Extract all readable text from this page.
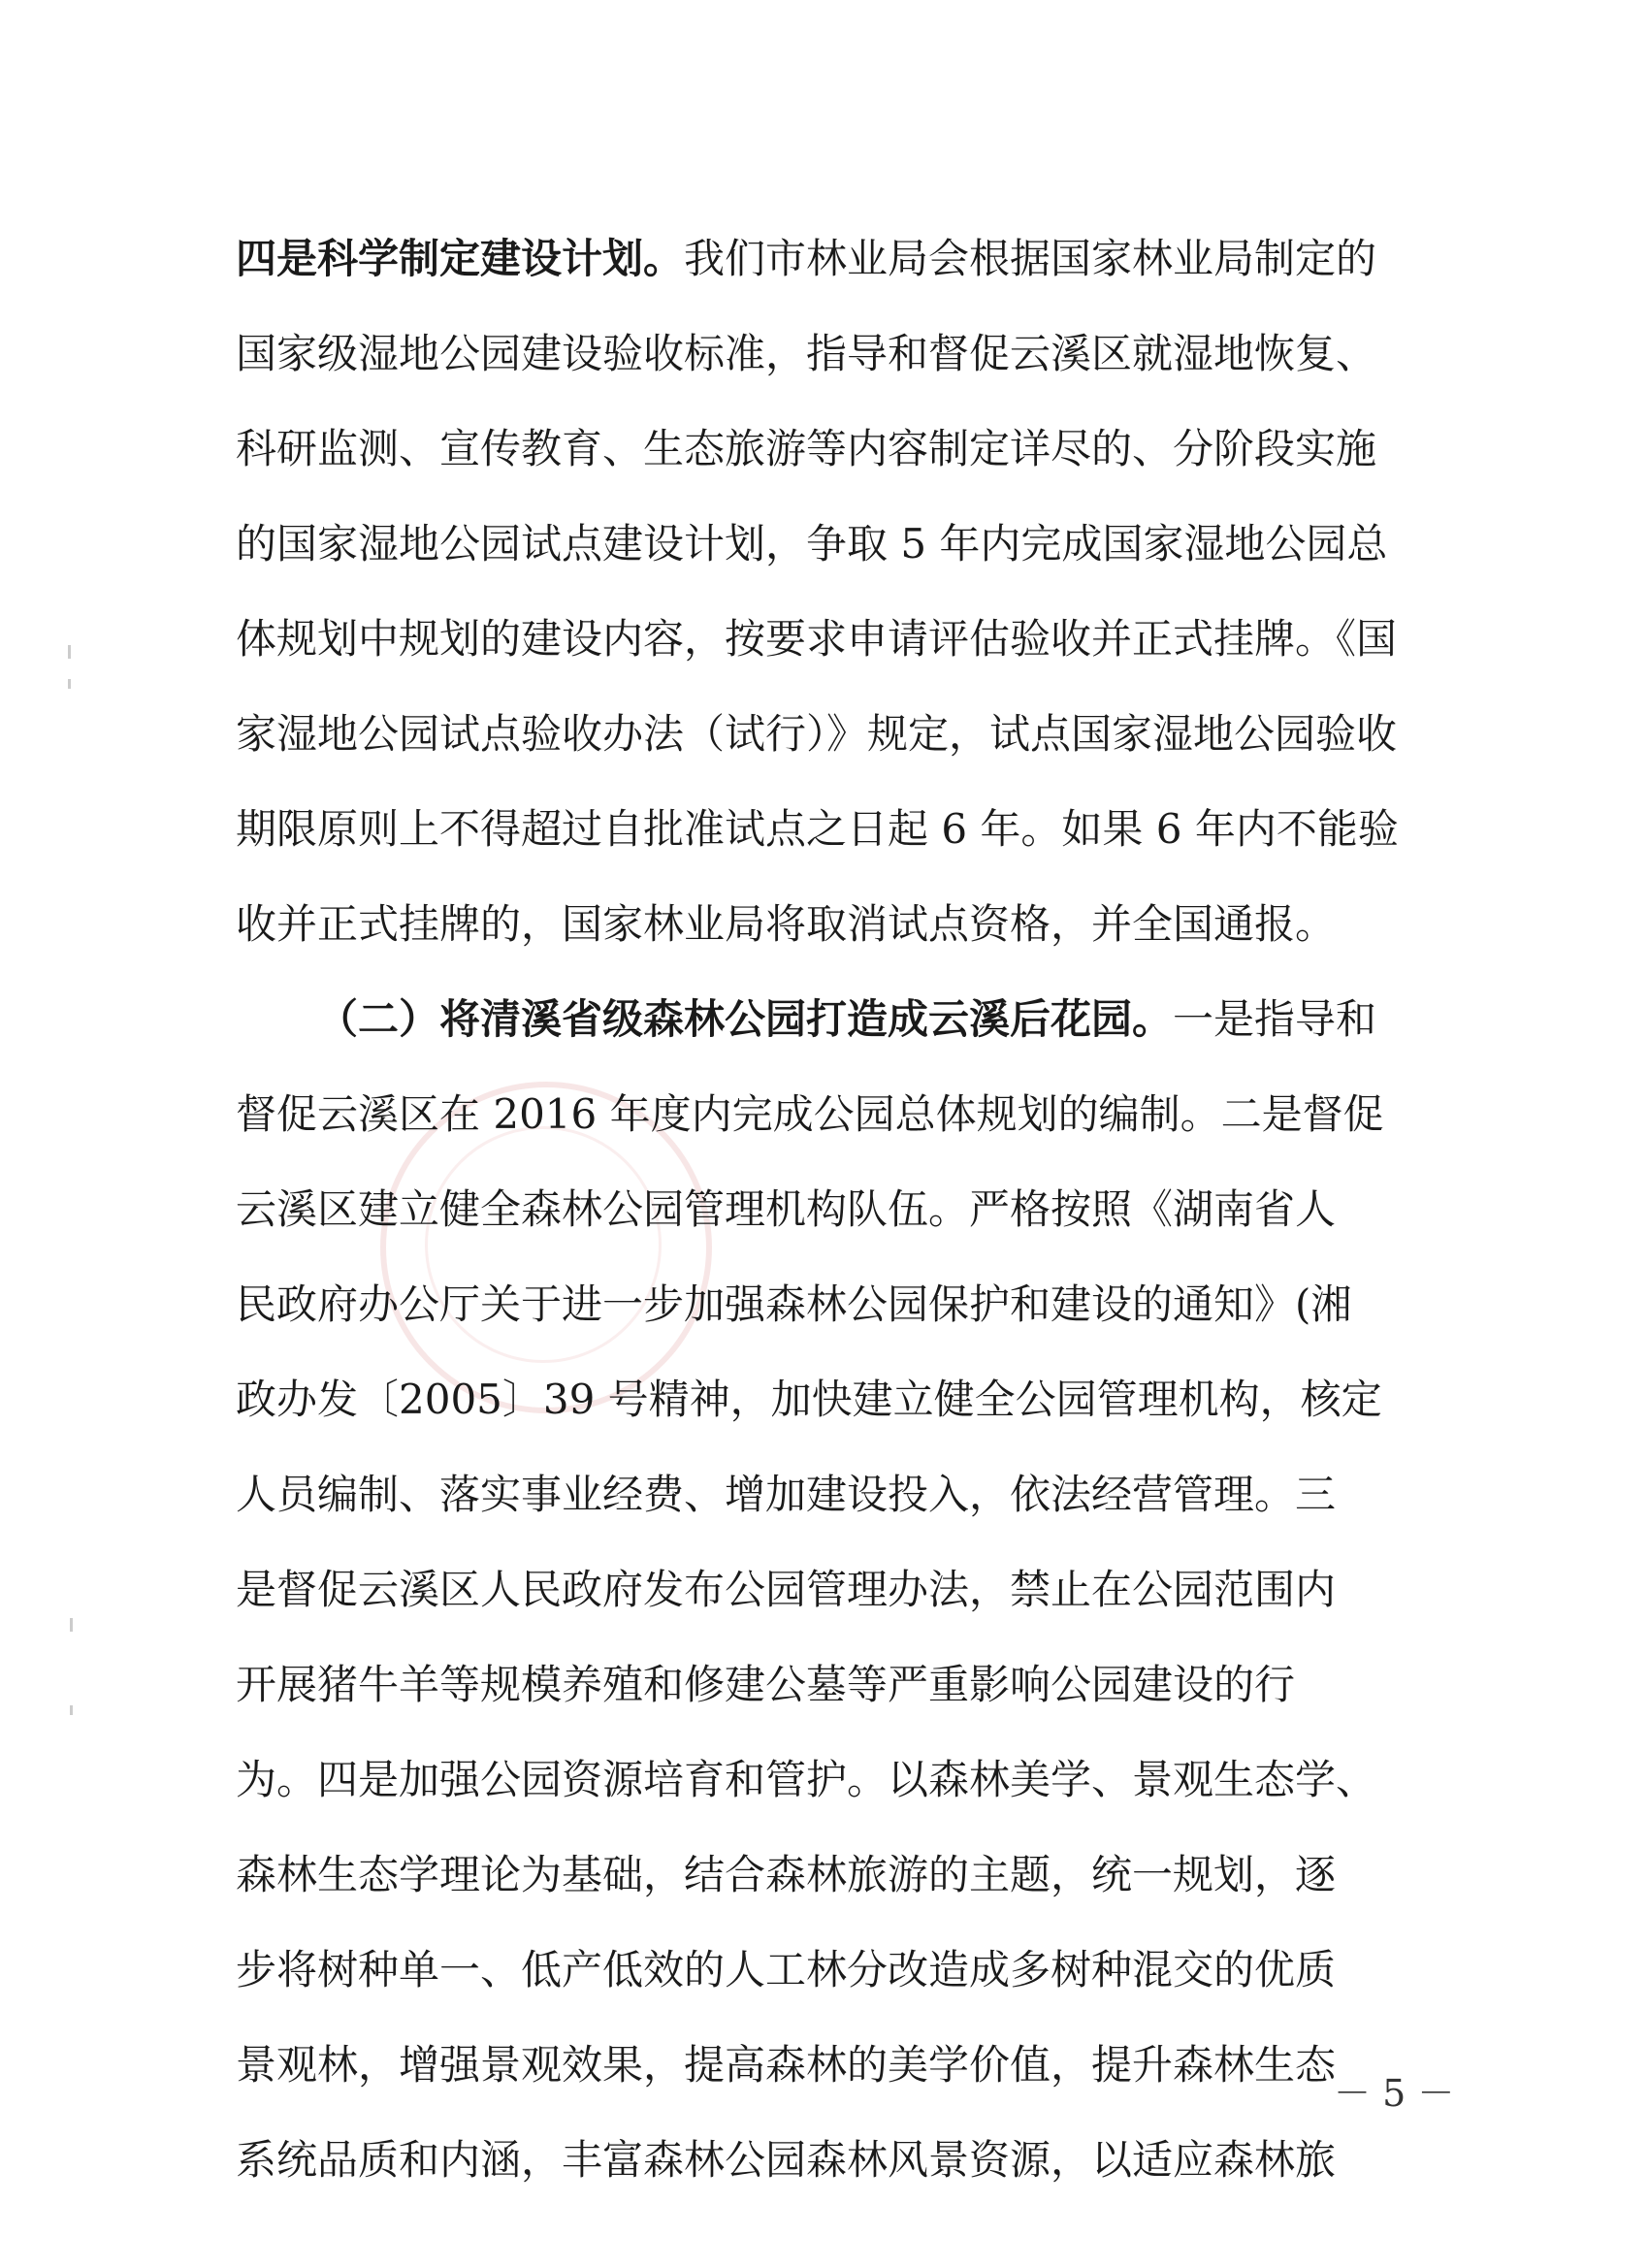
四是科学制定建设计划。我们市林业局会根据国家林业局制定的
国家级湿地公园建设验收标准，指导和督促云溪区就湿地恢复、
科研监测、宣传教育、生态旅游等内容制定详尽的、分阶段实施
的国家湿地公园试点建设计划，争取 5 年内完成国家湿地公园总
体规划中规划的建设内容，按要求申请评估验收并正式挂牌。《国
家湿地公园试点验收办法（试行）》规定，试点国家湿地公园验收
期限原则上不得超过自批准试点之日起 6 年。如果 6 年内不能验
收并正式挂牌的，国家林业局将取消试点资格，并全国通报。
（二）将清溪省级森林公园打造成云溪后花园。一是指导和
督促云溪区在 2016 年度内完成公园总体规划的编制。二是督促
云溪区建立健全森林公园管理机构队伍。严格按照《湖南省人
民政府办公厅关于进一步加强森林公园保护和建设的通知》(湘
政办发〔2005〕39 号精神，加快建立健全公园管理机构，核定
人员编制、落实事业经费、增加建设投入，依法经营管理。三
是督促云溪区人民政府发布公园管理办法，禁止在公园范围内
开展猪牛羊等规模养殖和修建公墓等严重影响公园建设的行
为。四是加强公园资源培育和管护。以森林美学、景观生态学、
森林生态学理论为基础，结合森林旅游的主题，统一规划，逐
步将树种单一、低产低效的人工林分改造成多树种混交的优质
景观林，增强景观效果，提高森林的美学价值，提升森林生态
系统品质和内涵，丰富森林公园森林风景资源，以适应森林旅
－ 5 －
